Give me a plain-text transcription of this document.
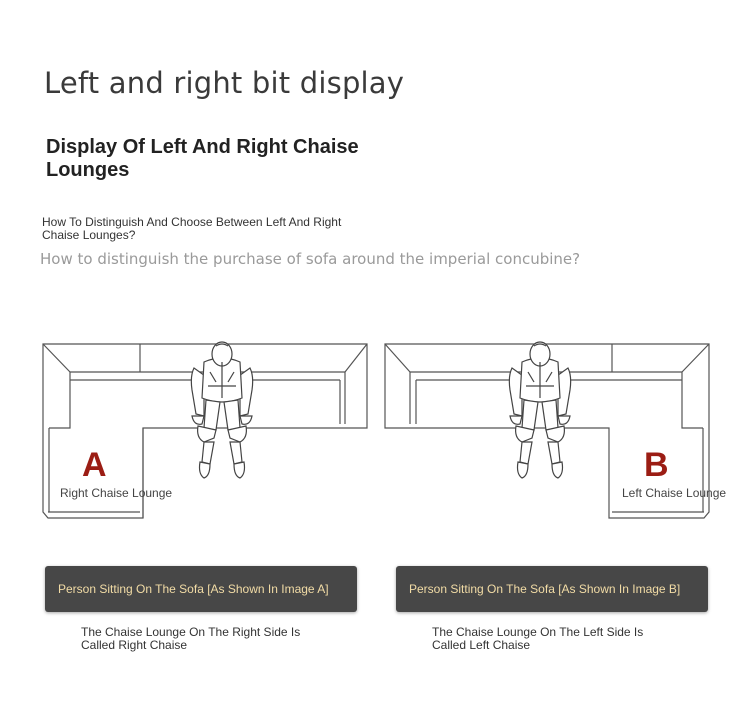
Left and right bit display
Display Of Left And Right Chaise Lounges
How To Distinguish And Choose Between Left And Right Chaise Lounges?
How to distinguish the purchase of sofa around the imperial concubine?
A	B
Right Chaise Lounge	Left Chaise Lounge
Person Sitting On The Sofa [As Shown In Image A]	Person Sitting On The Sofa [As Shown In Image B]
The Chaise Lounge On The Right Side Is Called Right Chaise
The Chaise Lounge On The Left Side Is Called Left Chaise
